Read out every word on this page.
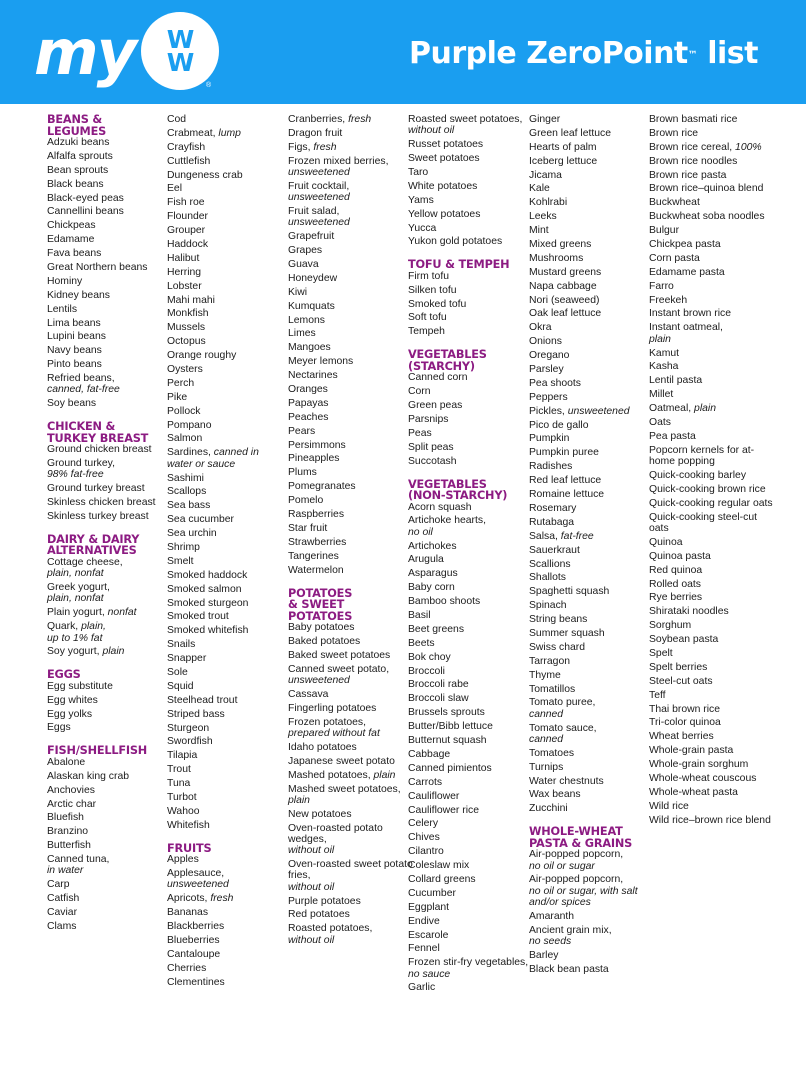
my W
W
®
Purple ZeroPoint™ list
BEANS &
LEGUMES
Adzuki beans
Alfalfa sprouts
Bean sprouts
Black beans
Black-eyed peas
Cannellini beans
Chickpeas
Edamame
Fava beans
Great Northern beans
Hominy
Kidney beans
Lentils
Lima beans
Lupini beans
Navy beans
Pinto beans
Refried beans,
canned, fat-free
Soy beans
CHICKEN &
TURKEY BREAST
Ground chicken breast
Ground turkey,
98% fat-free
Ground turkey breast
Skinless chicken breast
Skinless turkey breast
DAIRY & DAIRY
ALTERNATIVES
Cottage cheese,
plain, nonfat
Greek yogurt,
plain, nonfat
Plain yogurt, nonfat
Quark, plain,
up to 1% fat
Soy yogurt, plain
EGGS
Egg substitute
Egg whites
Egg yolks
Eggs
FISH/SHELLFISH
Abalone
Alaskan king crab
Anchovies
Arctic char
Bluefish
Branzino
Butterfish
Canned tuna,
in water
Carp
Catfish
Caviar
Clams
Cod
Crabmeat, lump
Crayfish
Cuttlefish
Dungeness crab
Eel
Fish roe
Flounder
Grouper
Haddock
Halibut
Herring
Lobster
Mahi mahi
Monkfish
Mussels
Octopus
Orange roughy
Oysters
Perch
Pike
Pollock
Pompano
Salmon
Sardines, canned in
water or sauce
Sashimi
Scallops
Sea bass
Sea cucumber
Sea urchin
Shrimp
Smelt
Smoked haddock
Smoked salmon
Smoked sturgeon
Smoked trout
Smoked whitefish
Snails
Snapper
Sole
Squid
Steelhead trout
Striped bass
Sturgeon
Swordfish
Tilapia
Trout
Tuna
Turbot
Wahoo
Whitefish
FRUITS
Apples
Applesauce,
unsweetened
Apricots, fresh
Bananas
Blackberries
Blueberries
Cantaloupe
Cherries
Clementines
Cranberries, fresh
Dragon fruit
Figs, fresh
Frozen mixed berries,
unsweetened
Fruit cocktail,
unsweetened
Fruit salad,
unsweetened
Grapefruit
Grapes
Guava
Honeydew
Kiwi
Kumquats
Lemons
Limes
Mangoes
Meyer lemons
Nectarines
Oranges
Papayas
Peaches
Pears
Persimmons
Pineapples
Plums
Pomegranates
Pomelo
Raspberries
Star fruit
Strawberries
Tangerines
Watermelon
POTATOES
& SWEET
POTATOES
Baby potatoes
Baked potatoes
Baked sweet potatoes
Canned sweet potato, unsweetened
Cassava
Fingerling potatoes
Frozen potatoes,
prepared without fat
Idaho potatoes
Japanese sweet potato
Mashed potatoes, plain
Mashed sweet potatoes, plain
New potatoes
Oven-roasted potato wedges,
without oil
Oven-roasted sweet potato fries,
without oil
Purple potatoes
Red potatoes
Roasted potatoes,
without oil
Roasted sweet potatoes, without oil
Russet potatoes
Sweet potatoes
Taro
White potatoes
Yams
Yellow potatoes
Yucca
Yukon gold potatoes
TOFU & TEMPEH
Firm tofu
Silken tofu
Smoked tofu
Soft tofu
Tempeh
VEGETABLES
(STARCHY)
Canned corn
Corn
Green peas
Parsnips
Peas
Split peas
Succotash
VEGETABLES
(NON-STARCHY)
Acorn squash
Artichoke hearts,
no oil
Artichokes
Arugula
Asparagus
Baby corn
Bamboo shoots
Basil
Beet greens
Beets
Bok choy
Broccoli
Broccoli rabe
Broccoli slaw
Brussels sprouts
Butter/Bibb lettuce
Butternut squash
Cabbage
Canned pimientos
Carrots
Cauliflower
Cauliflower rice
Celery
Chives
Cilantro
Coleslaw mix
Collard greens
Cucumber
Eggplant
Endive
Escarole
Fennel
Frozen stir-fry vegetables, no sauce
Garlic
Ginger
Green leaf lettuce
Hearts of palm
Iceberg lettuce
Jicama
Kale
Kohlrabi
Leeks
Mint
Mixed greens
Mushrooms
Mustard greens
Napa cabbage
Nori (seaweed)
Oak leaf lettuce
Okra
Onions
Oregano
Parsley
Pea shoots
Peppers
Pickles, unsweetened
Pico de gallo
Pumpkin
Pumpkin puree
Radishes
Red leaf lettuce
Romaine lettuce
Rosemary
Rutabaga
Salsa, fat-free
Sauerkraut
Scallions
Shallots
Spaghetti squash
Spinach
String beans
Summer squash
Swiss chard
Tarragon
Thyme
Tomatillos
Tomato puree,
canned
Tomato sauce,
canned
Tomatoes
Turnips
Water chestnuts
Wax beans
Zucchini
WHOLE-WHEAT
PASTA & GRAINS
Air-popped popcorn,
no oil or sugar
Air-popped popcorn,
no oil or sugar, with salt and/or spices
Amaranth
Ancient grain mix,
no seeds
Barley
Black bean pasta
Brown basmati rice
Brown rice
Brown rice cereal, 100%
Brown rice noodles
Brown rice pasta
Brown rice–quinoa blend
Buckwheat
Buckwheat soba noodles
Bulgur
Chickpea pasta
Corn pasta
Edamame pasta
Farro
Freekeh
Instant brown rice
Instant oatmeal,
plain
Kamut
Kasha
Lentil pasta
Millet
Oatmeal, plain
Oats
Pea pasta
Popcorn kernels for at-home popping
Quick-cooking barley
Quick-cooking brown rice
Quick-cooking regular oats
Quick-cooking steel-cut oats
Quinoa
Quinoa pasta
Red quinoa
Rolled oats
Rye berries
Shirataki noodles
Sorghum
Soybean pasta
Spelt
Spelt berries
Steel-cut oats
Teff
Thai brown rice
Tri-color quinoa
Wheat berries
Whole-grain pasta
Whole-grain sorghum
Whole-wheat couscous
Whole-wheat pasta
Wild rice
Wild rice–brown rice blend
